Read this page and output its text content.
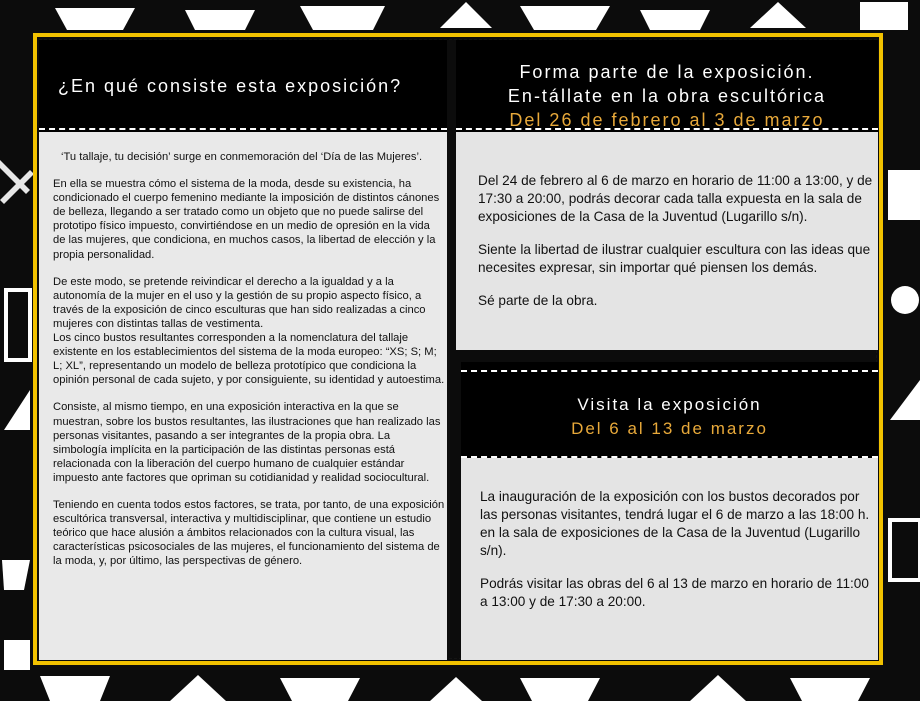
¿En qué consiste esta exposición?

‘Tu tallaje, tu decisión’ surge en conmemoración del ‘Día de las Mujeres’.

En ella se muestra cómo el sistema de la moda, desde su existencia, ha condicionado el cuerpo femenino mediante la imposición de distintos cánones de belleza, llegando a ser tratado como un objeto que no puede salirse del prototipo físico impuesto, convirtiéndose en un medio de opresión en la vida de las mujeres, que condiciona, en muchos casos, la libertad de elección y la propia personalidad.

De este modo, se pretende reivindicar el derecho a la igualdad y a la autonomía de la mujer en el uso y la gestión de su propio aspecto físico, a través de la exposición de cinco esculturas que han sido realizadas a cinco mujeres con distintas tallas de vestimenta.

Los cinco bustos resultantes corresponden a la nomenclatura del tallaje existente en los establecimientos del sistema de la moda europeo: “XS; S; M; L; XL”, representando un modelo de belleza prototípico que condiciona la opinión personal de cada sujeto, y por consiguiente, su identidad y autoestima.

Consiste, al mismo tiempo, en una exposición interactiva en la que se muestran, sobre los bustos resultantes, las ilustraciones que han realizado las personas visitantes, pasando a ser integrantes de la propia obra. La simbología implícita en la participación de las distintas personas está relacionada con la liberación del cuerpo humano de cualquier estándar impuesto ante factores que opriman su cotidianidad y realidad sociocultural.

Teniendo en cuenta todos estos factores, se trata, por tanto, de una exposición escultórica transversal, interactiva y multidisciplinar, que contiene un estudio teórico que hace alusión a ámbitos relacionados con la cultura visual, las características psicosociales de las mujeres, el funcionamiento del sistema de la moda, y, por último, las perspectivas de género.

Forma parte de la exposición.
En-tállate en la obra escultórica
Del 26 de febrero al 3 de marzo

Del 24 de febrero al 6 de marzo en horario de 11:00 a 13:00, y de 17:30 a 20:00, podrás decorar cada talla expuesta en la sala de exposiciones de la Casa de la Juventud (Lugarillo s/n).

Siente la libertad de ilustrar cualquier escultura con las ideas que necesites expresar, sin importar qué piensen los demás.

Sé parte de la obra.

Visita la exposición
Del 6 al 13 de marzo

La inauguración de la exposición con los bustos decorados por las personas visitantes, tendrá lugar el 6 de marzo a las 18:00 h. en la sala de exposiciones de la Casa de la Juventud (Lugarillo s/n).

Podrás visitar las obras del 6 al 13 de marzo en horario de 11:00 a 13:00 y de 17:30 a 20:00.
